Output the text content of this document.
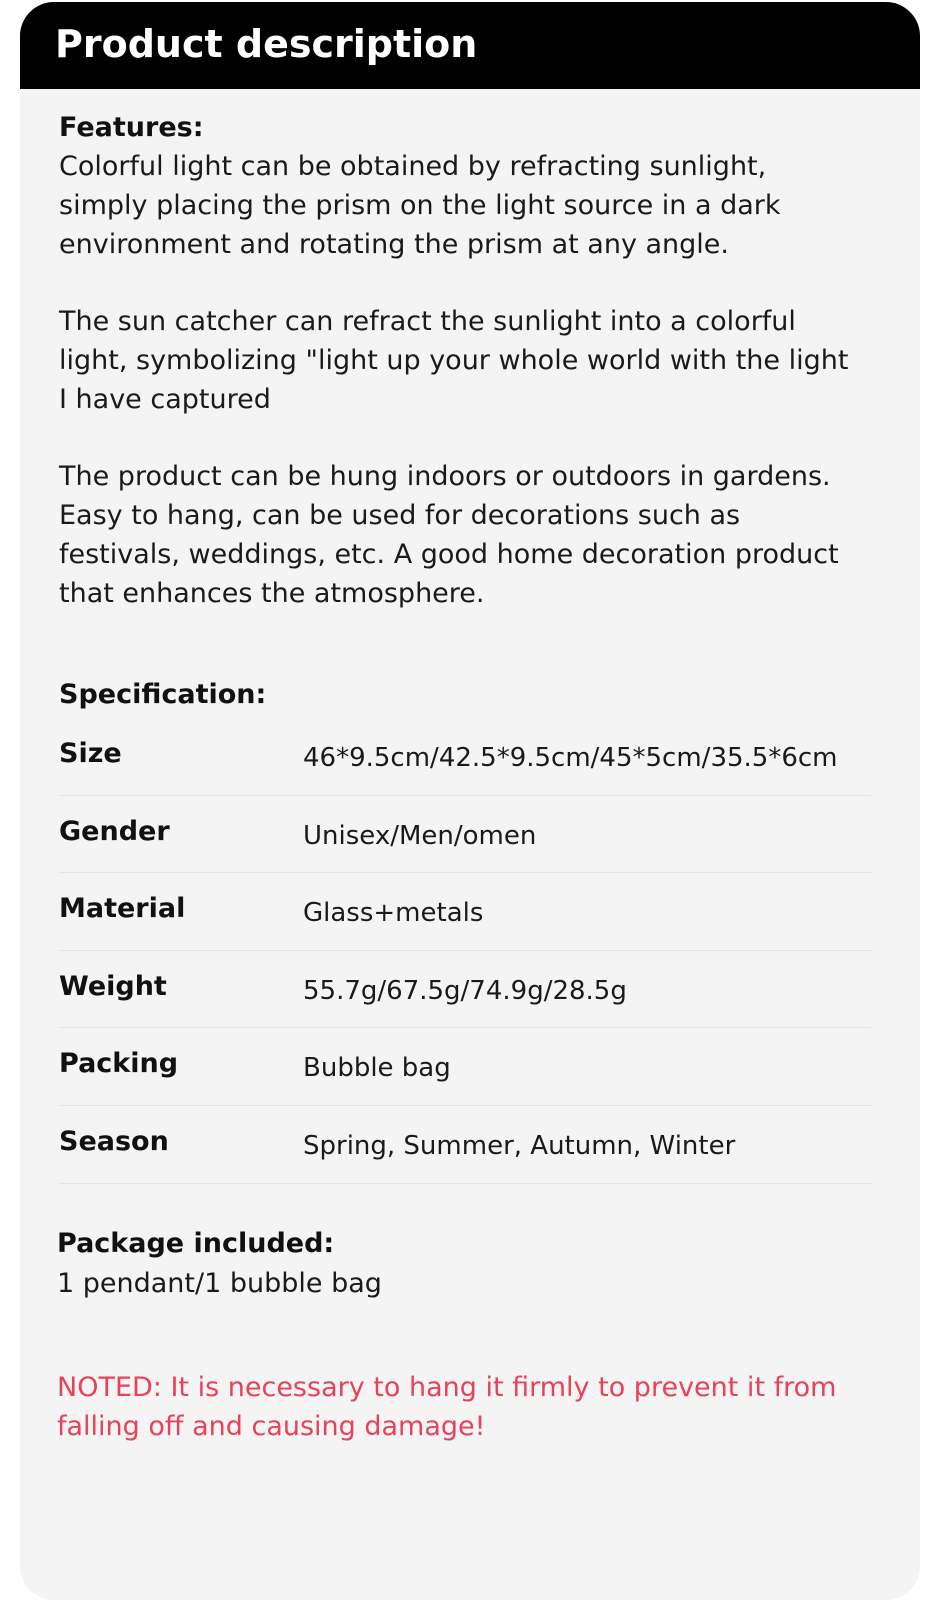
Product description
Features:

Colorful light can be obtained by refracting sunlight,
simply placing the prism on the light source in a dark
environment and rotating the prism at any angle.

The sun catcher can refract the sunlight into a colorful
light, symbolizing "light up your whole world with the light
I have captured

The product can be hung indoors or outdoors in gardens.
Easy to hang, can be used for decorations such as
festivals, weddings, etc. A good home decoration product
that enhances the atmosphere.

Specification:
Size	46*9.5cm/42.5*9.5cm/45*5cm/35.5*6cm
Gender	Unisex/Men/omen
Material	Glass+metals
Weight	55.7g/67.5g/74.9g/28.5g
Packing	Bubble bag
Season	Spring, Summer, Autumn, Winter
Package included:

1 pendant/1 bubble bag

NOTED: It is necessary to hang it firmly to prevent it from falling off and causing damage!
